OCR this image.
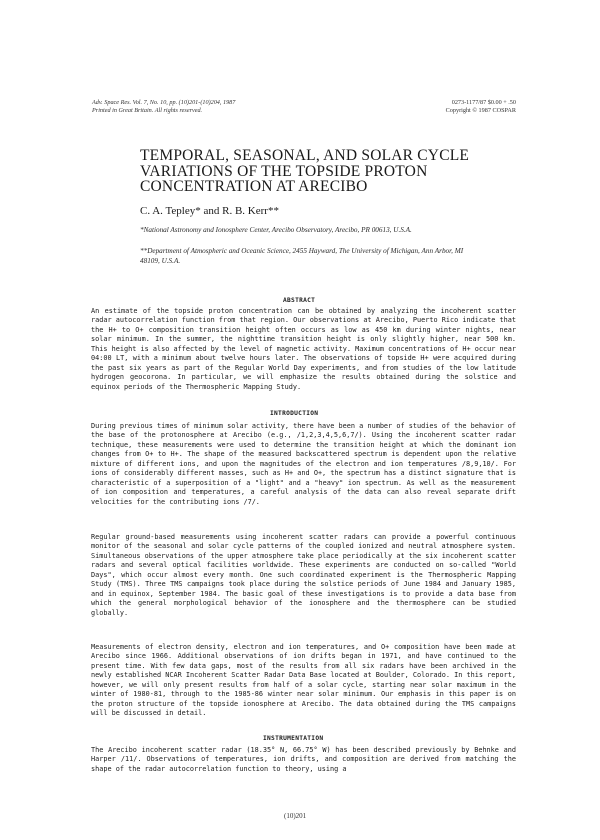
Adv. Space Res. Vol. 7, No. 10, pp. (10)201-(10)204, 1987
Printed in Great Britain. All rights reserved.
0273-1177/87 $0.00 + .50
Copyright © 1987 COSPAR
TEMPORAL, SEASONAL, AND SOLAR CYCLE VARIATIONS OF THE TOPSIDE PROTON CONCENTRATION AT ARECIBO
C. A. Tepley* and R. B. Kerr**
*National Astronomy and Ionosphere Center, Arecibo Observatory, Arecibo, PR 00613, U.S.A.
**Department of Atmospheric and Oceanic Science, 2455 Hayward, The University of Michigan, Ann Arbor, MI 48109, U.S.A.
ABSTRACT
An estimate of the topside proton concentration can be obtained by analyzing the incoherent scatter radar autocorrelation function from that region. Our observations at Arecibo, Puerto Rico indicate that the H+ to O+ composition transition height often occurs as low as 450 km during winter nights, near solar minimum. In the summer, the nighttime transition height is only slightly higher, near 500 km. This height is also affected by the level of magnetic activity. Maximum concentrations of H+ occur near 04:00 LT, with a minimum about twelve hours later. The observations of topside H+ were acquired during the past six years as part of the Regular World Day experiments, and from studies of the low latitude hydrogen geocorona. In particular, we will emphasize the results obtained during the solstice and equinox periods of the Thermospheric Mapping Study.
INTRODUCTION
During previous times of minimum solar activity, there have been a number of studies of the behavior of the base of the protonosphere at Arecibo (e.g., /1,2,3,4,5,6,7/). Using the incoherent scatter radar technique, these measurements were used to determine the transition height at which the dominant ion changes from O+ to H+. The shape of the measured backscattered spectrum is dependent upon the relative mixture of different ions, and upon the magnitudes of the electron and ion temperatures /8,9,10/. For ions of considerably different masses, such as H+ and O+, the spectrum has a distinct signature that is characteristic of a superposition of a "light" and a "heavy" ion spectrum. As well as the measurement of ion composition and temperatures, a careful analysis of the data can also reveal separate drift velocities for the contributing ions /7/.
Regular ground-based measurements using incoherent scatter radars can provide a powerful continuous monitor of the seasonal and solar cycle patterns of the coupled ionized and neutral atmosphere system. Simultaneous observations of the upper atmosphere take place periodically at the six incoherent scatter radars and several optical facilities worldwide. These experiments are conducted on so-called "World Days", which occur almost every month. One such coordinated experiment is the Thermospheric Mapping Study (TMS). Three TMS campaigns took place during the solstice periods of June 1984 and January 1985, and in equinox, September 1984. The basic goal of these investigations is to provide a data base from which the general morphological behavior of the ionosphere and the thermosphere can be studied globally.
Measurements of electron density, electron and ion temperatures, and O+ composition have been made at Arecibo since 1966. Additional observations of ion drifts began in 1971, and have continued to the present time. With few data gaps, most of the results from all six radars have been archived in the newly established NCAR Incoherent Scatter Radar Data Base located at Boulder, Colorado. In this report, however, we will only present results from half of a solar cycle, starting near solar maximum in the winter of 1980-81, through to the 1985-86 winter near solar minimum. Our emphasis in this paper is on the proton structure of the topside ionosphere at Arecibo. The data obtained during the TMS campaigns will be discussed in detail.
INSTRUMENTATION
The Arecibo incoherent scatter radar (18.35° N, 66.75° W) has been described previously by Behnke and Harper /11/. Observations of temperatures, ion drifts, and composition are derived from matching the shape of the radar autocorrelation function to theory, using a
(10)201
